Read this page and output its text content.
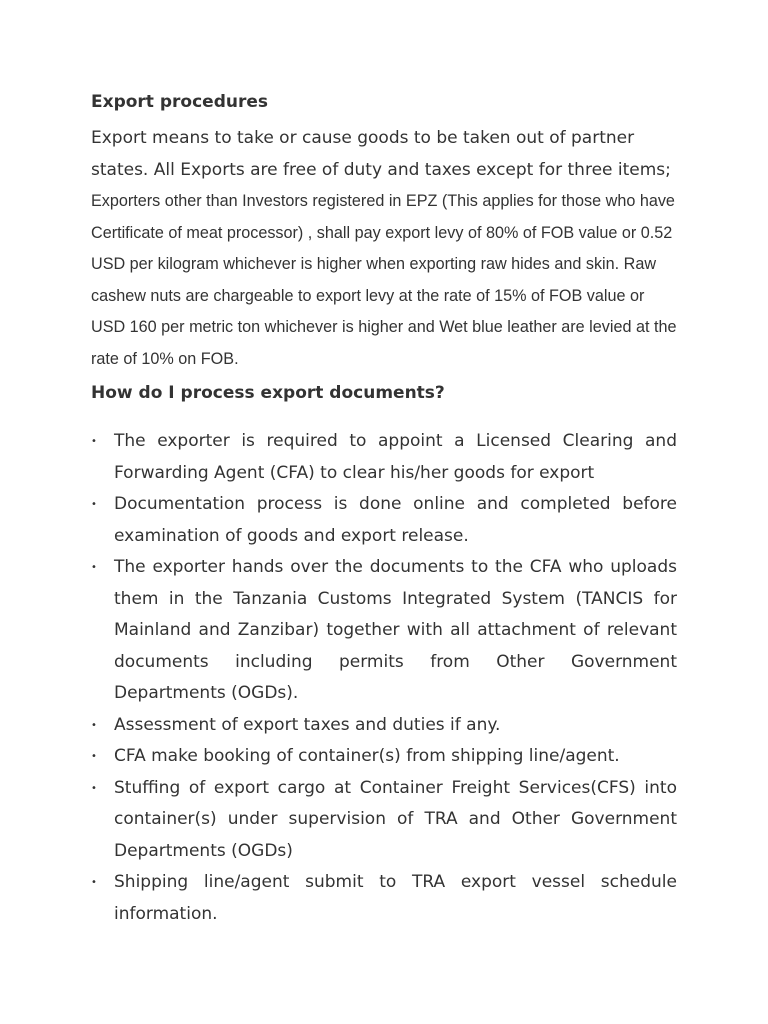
Export procedures

Export means to take or cause goods to be taken out of partner states. All Exports are free of duty and taxes except for three items; Exporters other than Investors registered in EPZ (This applies for those who have Certificate of meat processor) , shall pay export levy of 80% of FOB value or 0.52 USD per kilogram whichever is higher when exporting raw hides and skin. Raw cashew nuts are chargeable to export levy at the rate of 15% of FOB value or USD 160 per metric ton whichever is higher and Wet blue leather are levied at the rate of 10% on FOB.

How do I process export documents?
• The exporter is required to appoint a Licensed Clearing and Forwarding Agent (CFA) to clear his/her goods for export
• Documentation process is done online and completed before examination of goods and export release.
• The exporter hands over the documents to the CFA who uploads them in the Tanzania Customs Integrated System (TANCIS for Mainland and Zanzibar) together with all attachment of relevant documents including permits from Other Government Departments (OGDs).
• Assessment of export taxes and duties if any.
• CFA make booking of container(s) from shipping line/agent.
• Stuffing of export cargo at Container Freight Services(CFS) into container(s) under supervision of TRA and Other Government Departments (OGDs)
• Shipping line/agent submit to TRA export vessel schedule information.
